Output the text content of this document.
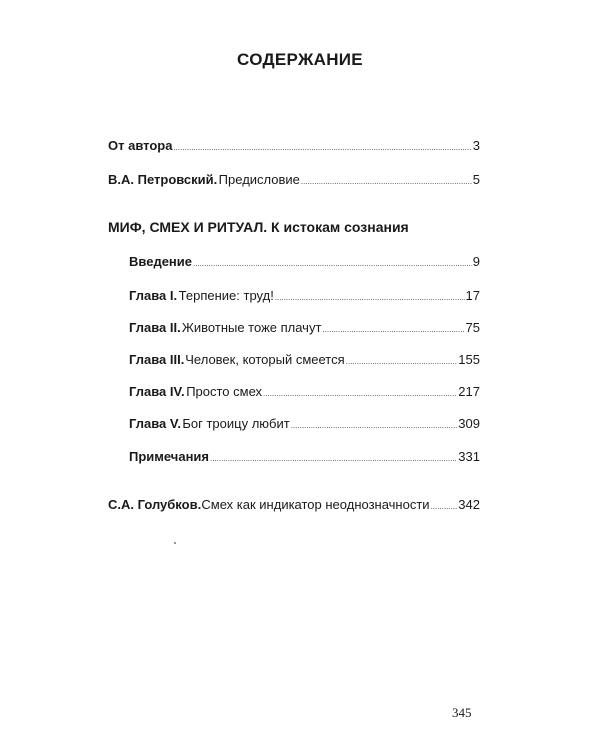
СОДЕРЖАНИЕ
От автора .....	3
В.А. Петровский. Предисловие .....	5
МИФ, СМЕХ И РИТУАЛ. К истокам сознания
Введение .....	9
Глава I. Терпение: труд! .....	17
Глава II. Животные тоже плачут .....	75
Глава III. Человек, который смеется .....	155
Глава IV. Просто смех .....	217
Глава V. Бог троицу любит .....	309
Примечания .....	331
С.А. Голубков. Смех как индикатор неоднозначности ..... 342
345
